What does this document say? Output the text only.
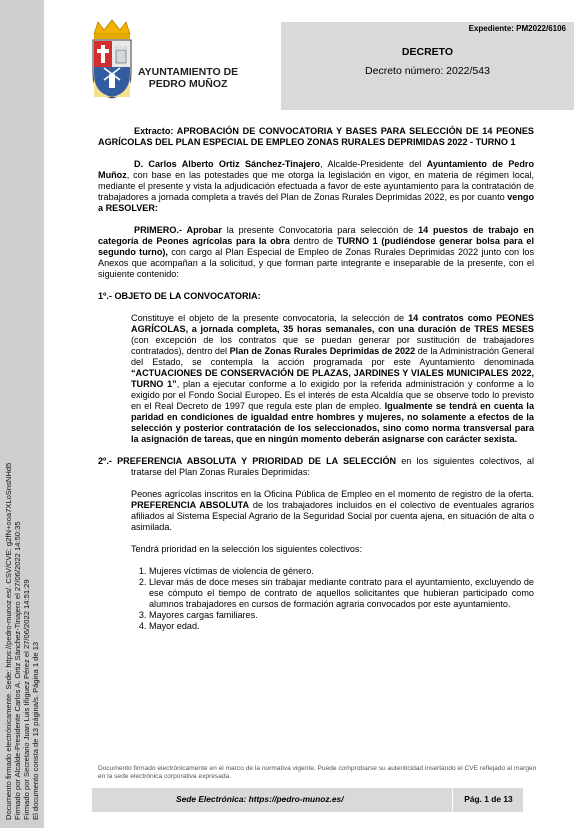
Documento firmado electrónicamente. Sede: https://pedro-munoz.es/. CSV/CVE: g2fN+ooa7XLoSnsNHd5 Firmado por Alcalde-Presidente Carlos A. Ortiz Sánchez-Tinajero el 27/06/2022 14:50:35 Firmado por Secretario Juan Luis Iñiguez Pérez el 27/06/2022 14:51:29 El documento consta de 13 página/s. Página 1 de 13
AYUNTAMIENTO DE
PEDRO MUÑOZ
Expediente: PM2022/6106
DECRETO
Decreto número: 2022/543
Extracto: APROBACIÓN DE CONVOCATORIA Y BASES PARA SELECCIÓN DE 14 PEONES AGRÍCOLAS DEL PLAN ESPECIAL DE EMPLEO ZONAS RURALES DEPRIMIDAS 2022 - TURNO 1
D. Carlos Alberto Ortiz Sánchez-Tinajero, Alcalde-Presidente del Ayuntamiento de Pedro Muñoz, con base en las potestades que me otorga la legislación en vigor, en materia de régimen local, mediante el presente y vista la adjudicación efectuada a favor de este ayuntamiento para la contratación de trabajadores a jornada completa a través del Plan de Zonas Rurales Deprimidas 2022, es por cuanto vengo a RESOLVER:
PRIMERO.- Aprobar la presente Convocatoria para selección de 14 puestos de trabajo en categoría de Peones agrícolas para la obra dentro de TURNO 1 (pudiéndose generar bolsa para el segundo turno), con cargo al Plan Especial de Empleo de Zonas Rurales Deprimidas 2022 junto con los Anexos que acompañan a la solicitud, y que forman parte integrante e inseparable de la presente, con el siguiente contenido:
1º.- OBJETO DE LA CONVOCATORIA:
Constituye el objeto de la presente convocatoria, la selección de 14 contratos como PEONES AGRÍCOLAS, a jornada completa, 35 horas semanales, con una duración de TRES MESES (con excepción de los contratos que se puedan generar por sustitución de trabajadores contratados), dentro del Plan de Zonas Rurales Deprimidas de 2022 de la Administración General del Estado, se contempla la acción programada por este Ayuntamiento denominada “ACTUACIONES DE CONSERVACIÓN DE PLAZAS, JARDINES Y VIALES MUNICIPALES 2022, TURNO 1”, plan a ejecutar conforme a lo exigido por la referida administración y conforme a lo exigido por el Fondo Social Europeo. Es el interés de esta Alcaldía que se observe todo lo previsto en el Real Decreto de 1997 que regula este plan de empleo. Igualmente se tendrá en cuenta la paridad en condiciones de igualdad entre hombres y mujeres, no solamente a efectos de la selección y posterior contratación de los seleccionados, sino como norma transversal para la asignación de tareas, que en ningún momento deberán asignarse con carácter sexista.
2º.- PREFERENCIA ABSOLUTA Y PRIORIDAD DE LA SELECCIÓN en los siguientes colectivos, al tratarse del Plan Zonas Rurales Deprimidas:
Peones agrícolas inscritos en la Oficina Pública de Empleo en el momento de registro de la oferta. PREFERENCIA ABSOLUTA de los trabajadores incluidos en el colectivo de eventuales agrarios afiliados al Sistema Especial Agrario de la Seguridad Social por cuenta ajena, en situación de alta o asimilada.
Tendrá prioridad en la selección los siguientes colectivos:
1. Mujeres víctimas de violencia de género.
2. Llevar más de doce meses sin trabajar mediante contrato para el ayuntamiento, excluyendo de ese cómputo el tiempo de contrato de aquellos solicitantes que hubieran participado como alumnos trabajadores en cursos de formación agraria convocados por este ayuntamiento.
3. Mayores cargas familiares.
4. Mayor edad.
Documento firmado electrónicamente en el marco de la normativa vigente. Puede comprobarse su autenticidad insertando el CVE reflejado al margen en la sede electrónica corporativa expresada.
Sede Electrónica: https://pedro-munoz.es/	Pág. 1 de 13
